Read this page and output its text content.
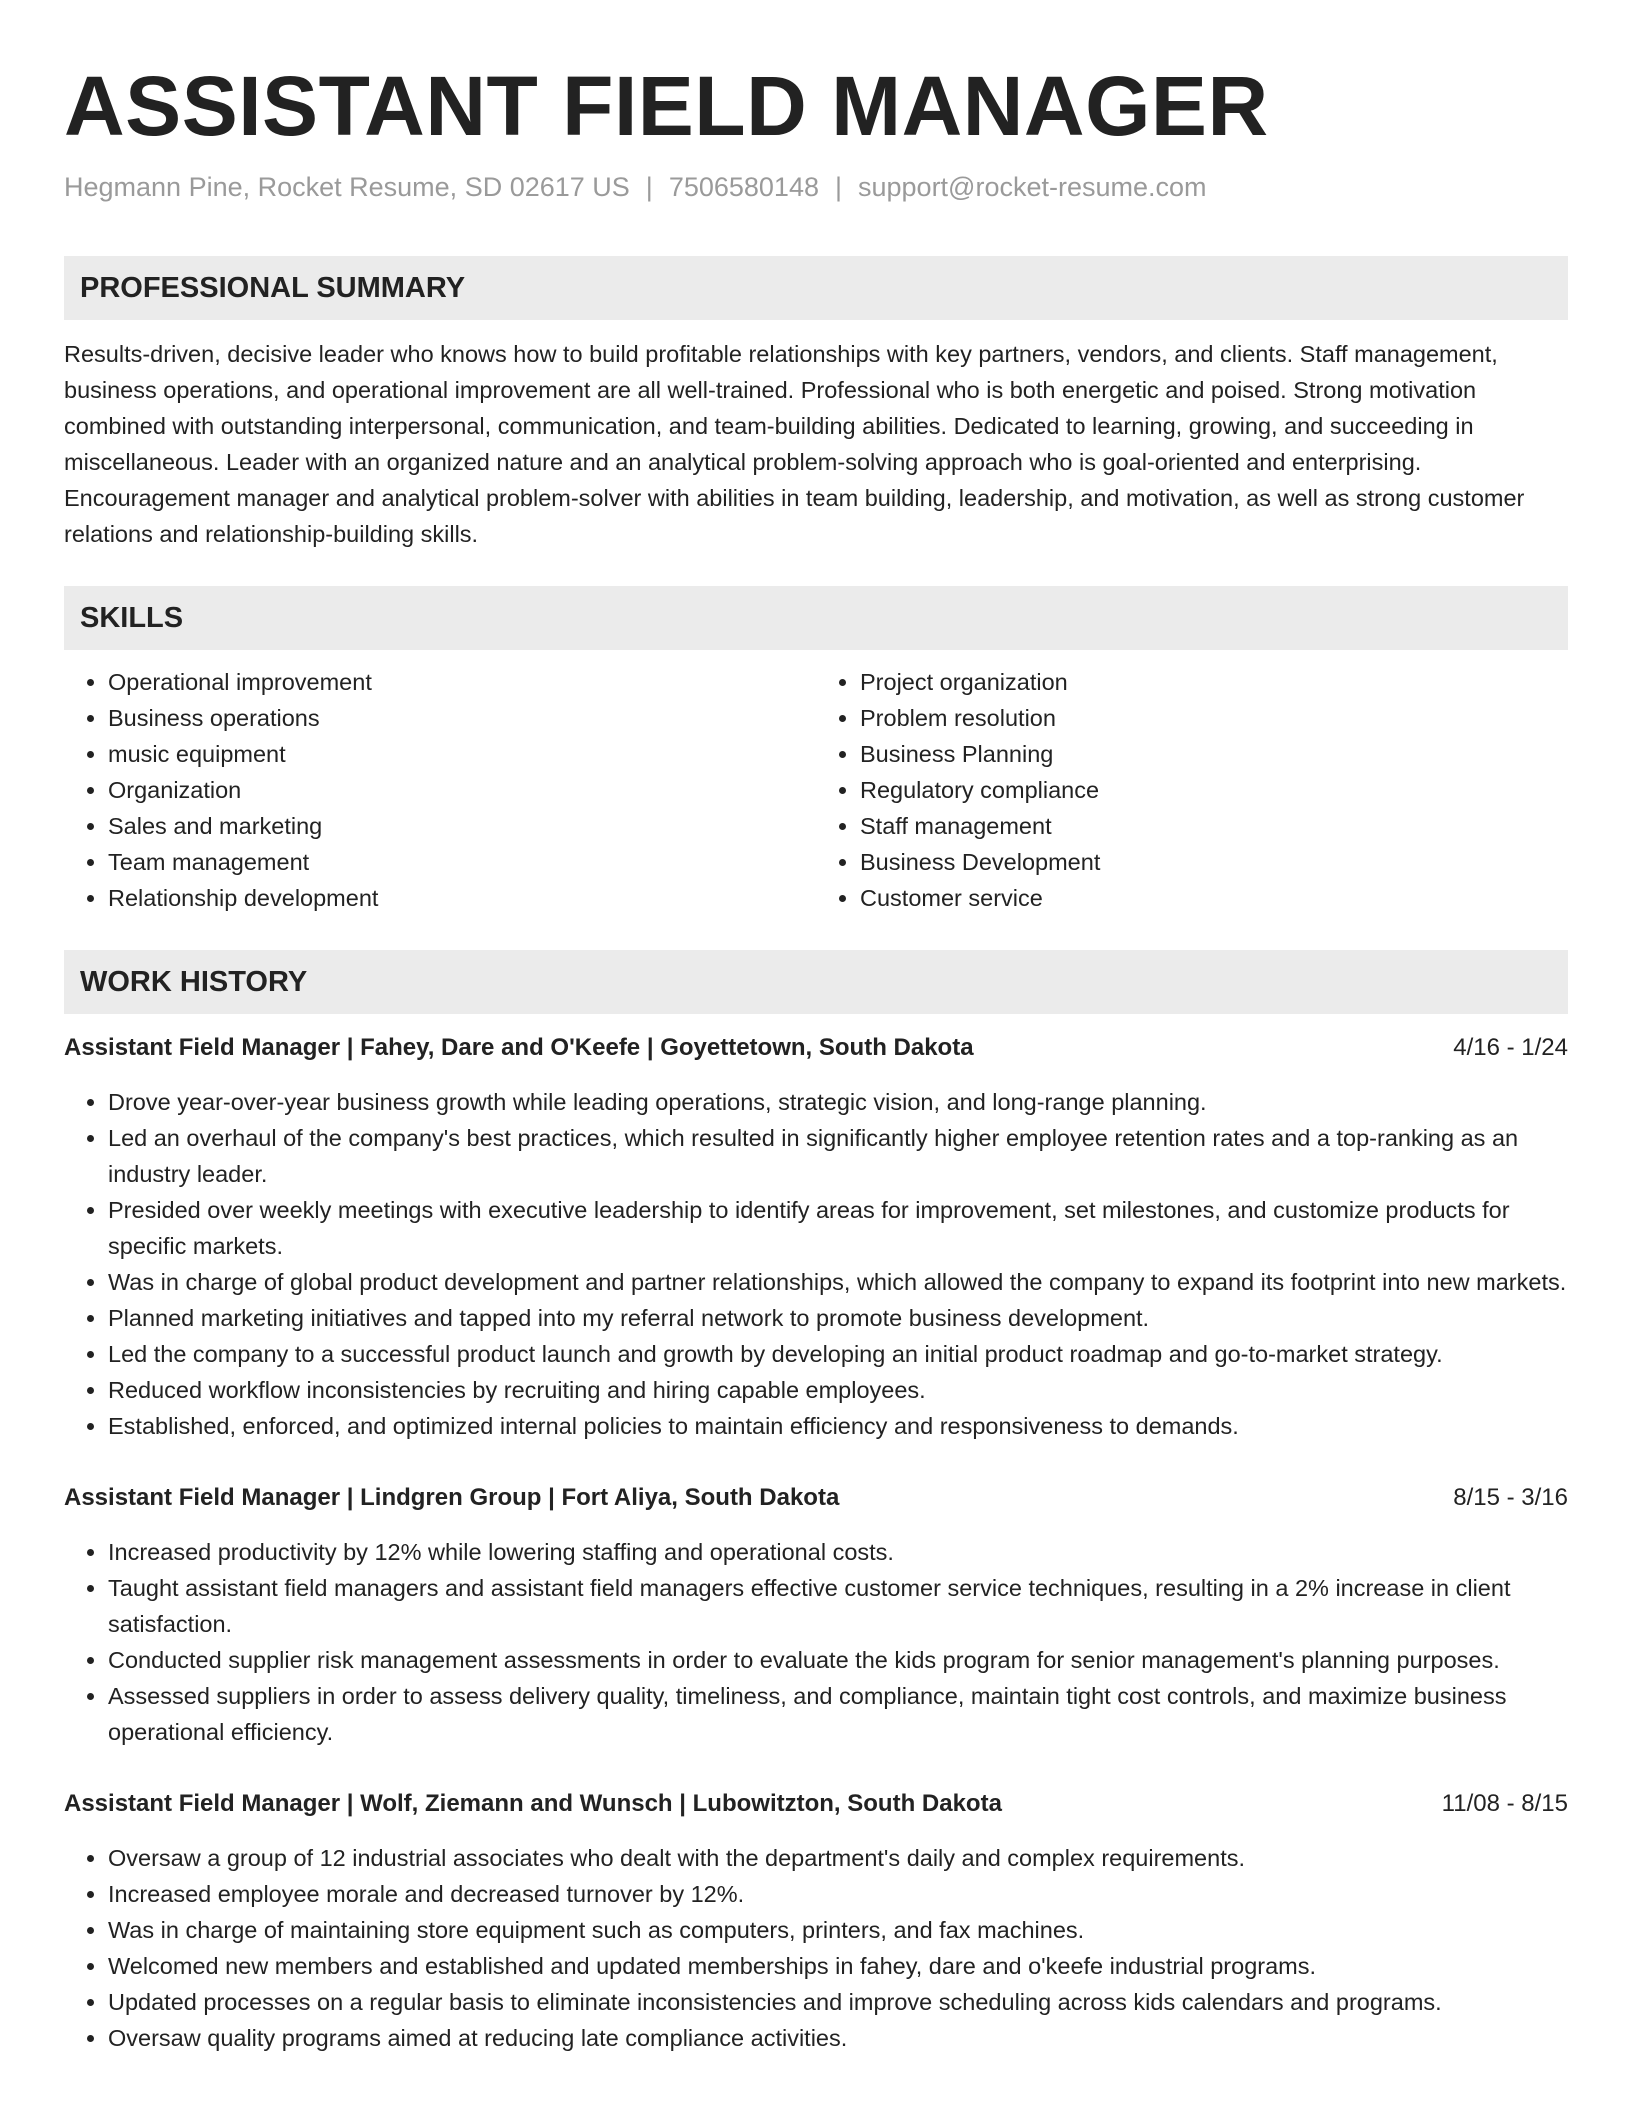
ASSISTANT FIELD MANAGER
Hegmann Pine, Rocket Resume, SD 02617 US | 7506580148 | support@rocket-resume.com
PROFESSIONAL SUMMARY
Results-driven, decisive leader who knows how to build profitable relationships with key partners, vendors, and clients. Staff management, business operations, and operational improvement are all well-trained. Professional who is both energetic and poised. Strong motivation combined with outstanding interpersonal, communication, and team-building abilities. Dedicated to learning, growing, and succeeding in miscellaneous. Leader with an organized nature and an analytical problem-solving approach who is goal-oriented and enterprising. Encouragement manager and analytical problem-solver with abilities in team building, leadership, and motivation, as well as strong customer relations and relationship-building skills.
SKILLS
• Operational improvement
• Business operations
• music equipment
• Organization
• Sales and marketing
• Team management
• Relationship development
• Project organization
• Problem resolution
• Business Planning
• Regulatory compliance
• Staff management
• Business Development
• Customer service
WORK HISTORY
Assistant Field Manager | Fahey, Dare and O'Keefe | Goyettetown, South Dakota	4/16 - 1/24
• Drove year-over-year business growth while leading operations, strategic vision, and long-range planning.
• Led an overhaul of the company's best practices, which resulted in significantly higher employee retention rates and a top-ranking as an industry leader.
• Presided over weekly meetings with executive leadership to identify areas for improvement, set milestones, and customize products for specific markets.
• Was in charge of global product development and partner relationships, which allowed the company to expand its footprint into new markets.
• Planned marketing initiatives and tapped into my referral network to promote business development.
• Led the company to a successful product launch and growth by developing an initial product roadmap and go-to-market strategy.
• Reduced workflow inconsistencies by recruiting and hiring capable employees.
• Established, enforced, and optimized internal policies to maintain efficiency and responsiveness to demands.
Assistant Field Manager | Lindgren Group | Fort Aliya, South Dakota	8/15 - 3/16
• Increased productivity by 12% while lowering staffing and operational costs.
• Taught assistant field managers and assistant field managers effective customer service techniques, resulting in a 2% increase in client satisfaction.
• Conducted supplier risk management assessments in order to evaluate the kids program for senior management's planning purposes.
• Assessed suppliers in order to assess delivery quality, timeliness, and compliance, maintain tight cost controls, and maximize business operational efficiency.
Assistant Field Manager | Wolf, Ziemann and Wunsch | Lubowitzton, South Dakota	11/08 - 8/15
• Oversaw a group of 12 industrial associates who dealt with the department's daily and complex requirements.
• Increased employee morale and decreased turnover by 12%.
• Was in charge of maintaining store equipment such as computers, printers, and fax machines.
• Welcomed new members and established and updated memberships in fahey, dare and o'keefe industrial programs.
• Updated processes on a regular basis to eliminate inconsistencies and improve scheduling across kids calendars and programs.
• Oversaw quality programs aimed at reducing late compliance activities.
